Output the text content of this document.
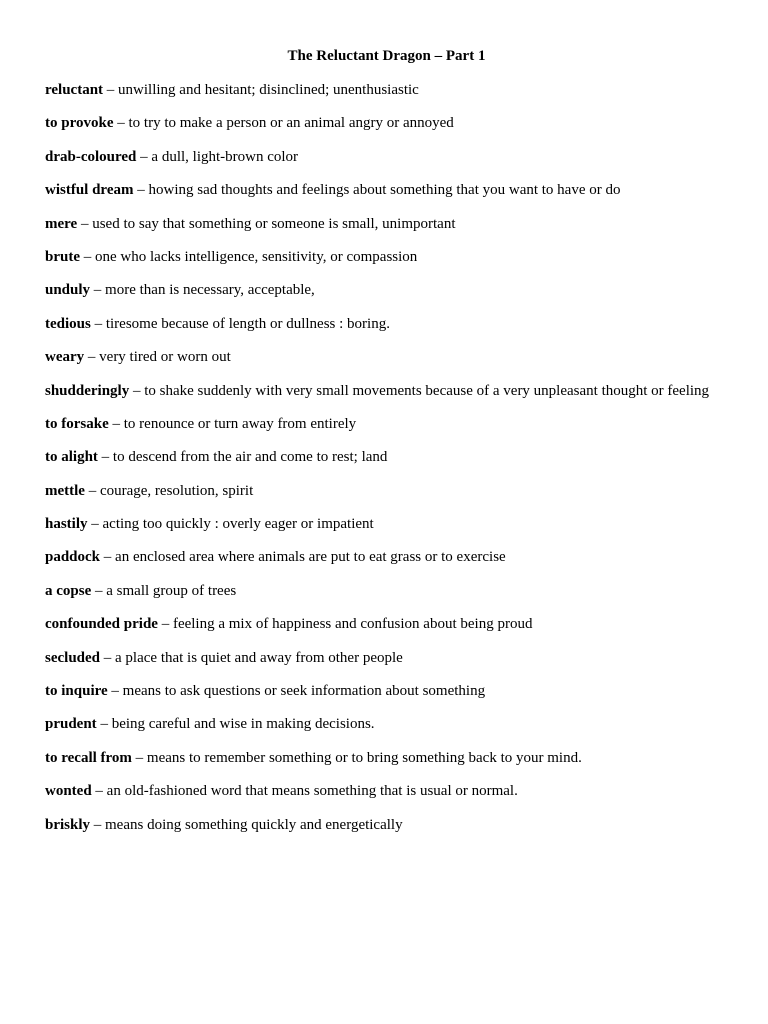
The Reluctant Dragon – Part 1
reluctant – unwilling and hesitant; disinclined; unenthusiastic
to provoke – to try to make a person or an animal angry or annoyed
drab-coloured – a dull, light-brown color
wistful dream – howing sad thoughts and feelings about something that you want to have or do
mere – used to say that something or someone is small, unimportant
brute – one who lacks intelligence, sensitivity, or compassion
unduly – more than is necessary, acceptable,
tedious – tiresome because of length or dullness : boring.
weary – very tired or worn out
shudderingly – to shake suddenly with very small movements because of a very unpleasant thought or feeling
to forsake – to renounce or turn away from entirely
to alight – to descend from the air and come to rest; land
mettle – courage, resolution, spirit
hastily – acting too quickly : overly eager or impatient
paddock – an enclosed area where animals are put to eat grass or to exercise
a copse – a small group of trees
confounded pride – feeling a mix of happiness and confusion about being proud
secluded – a place that is quiet and away from other people
to inquire – means to ask questions or seek information about something
prudent – being careful and wise in making decisions.
to recall from – means to remember something or to bring something back to your mind.
wonted – an old-fashioned word that means something that is usual or normal.
briskly – means doing something quickly and energetically
